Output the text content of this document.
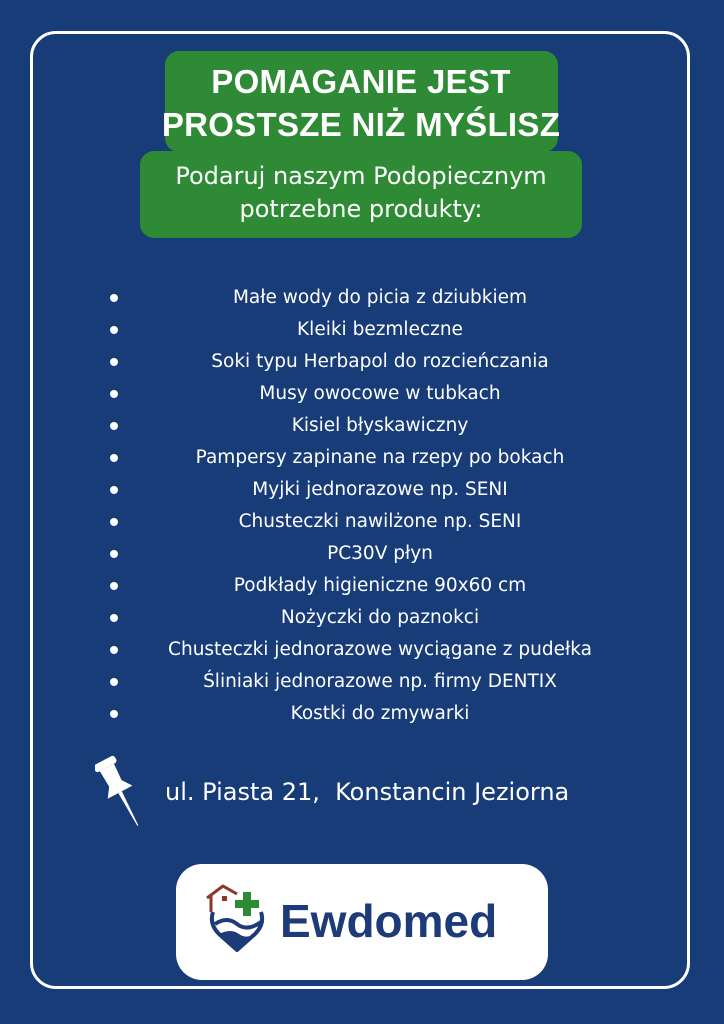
POMAGANIE JEST
PROSTSZE NIŻ MYŚLISZ

Podaruj naszym Podopiecznym
potrzebne produkty:

Małe wody do picia z dziubkiem
Kleiki bezmleczne
Soki typu Herbapol do rozcieńczania
Musy owocowe w tubkach
Kisiel błyskawiczny
Pampersy zapinane na rzepy po bokach
Myjki jednorazowe np. SENI
Chusteczki nawilżone np. SENI
PC30V płyn
Podkłady higieniczne 90x60 cm
Nożyczki do paznokci
Chusteczki jednorazowe wyciągane z pudełka
Śliniaki jednorazowe np. firmy DENTIX
Kostki do zmywarki

ul. Piasta 21,  Konstancin Jeziorna

Ewdomed
